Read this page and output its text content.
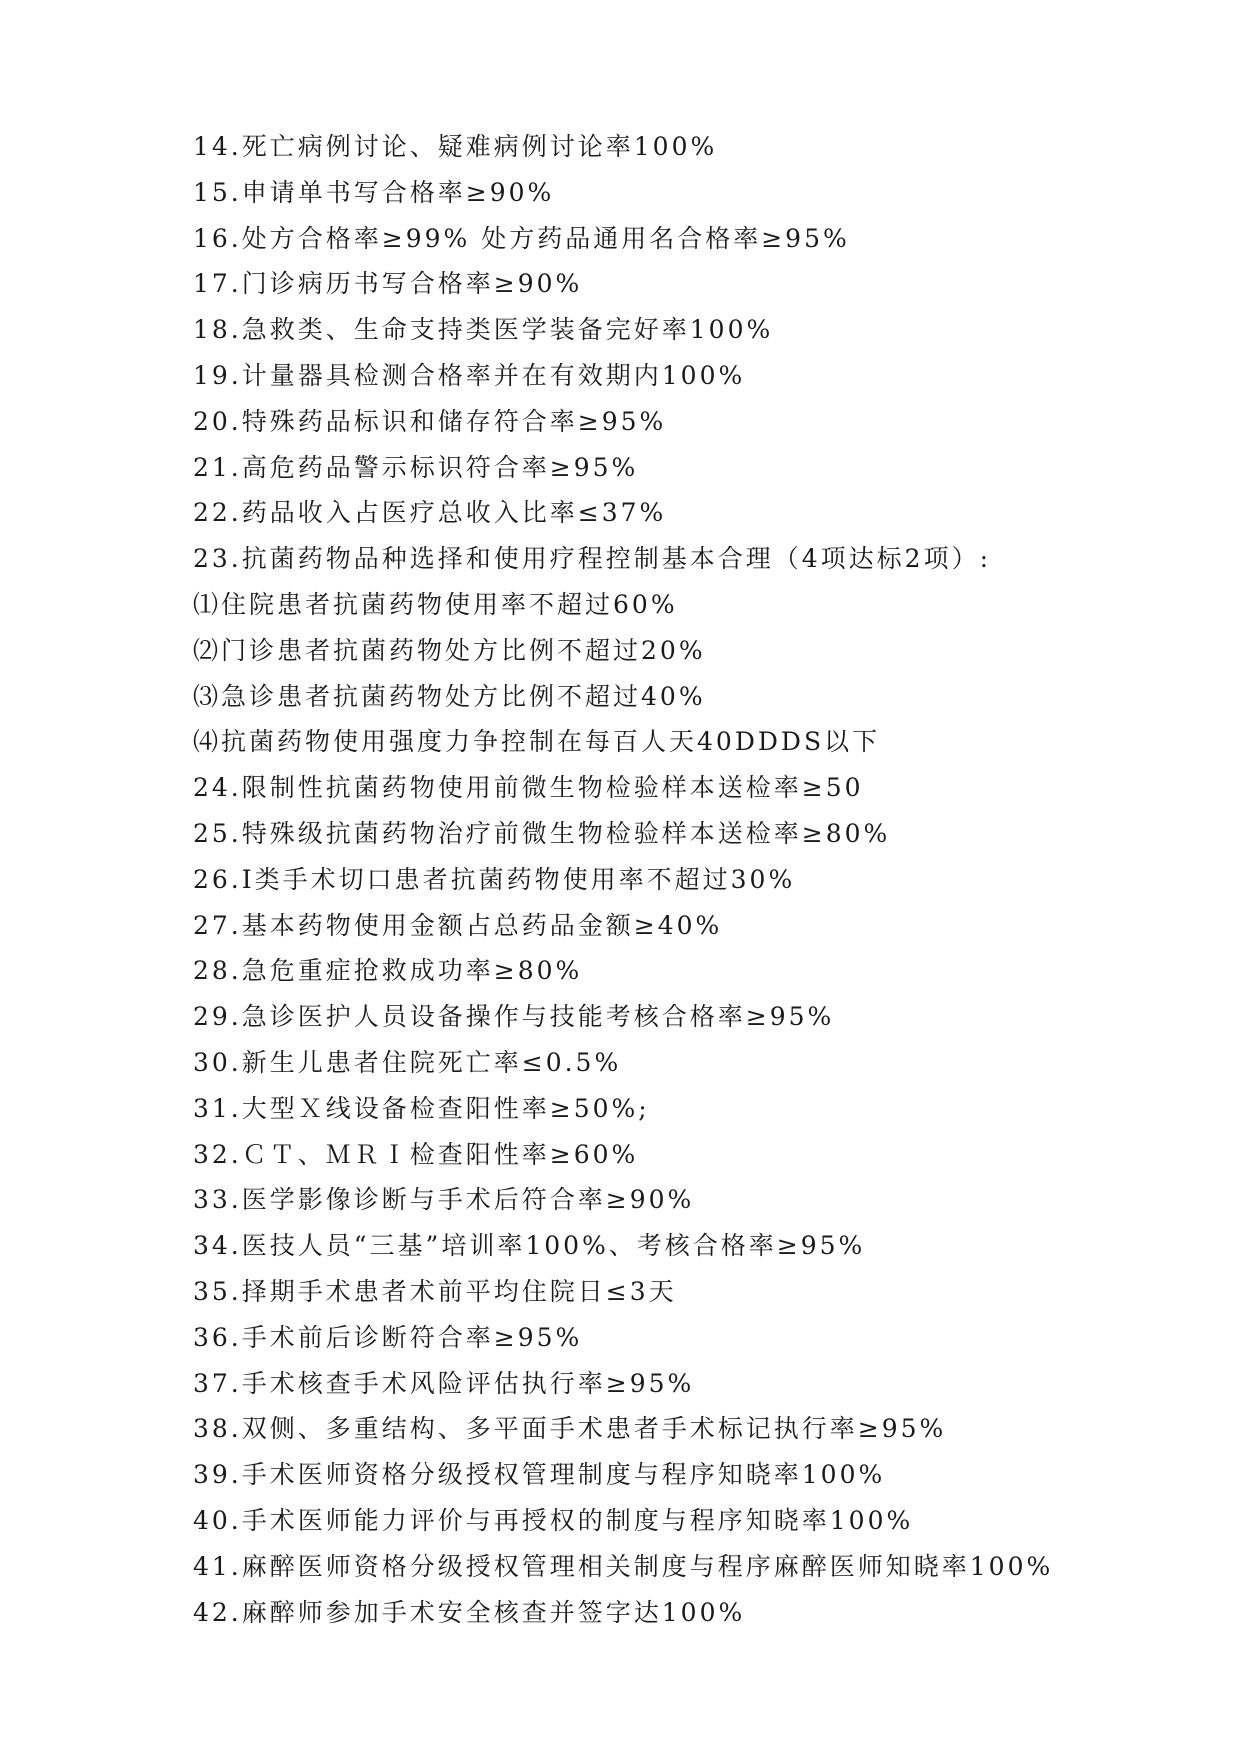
14.死亡病例讨论、疑难病例讨论率100%
15.申请单书写合格率≥90%
16.处方合格率≥99% 处方药品通用名合格率≥95%
17.门诊病历书写合格率≥90%
18.急救类、生命支持类医学装备完好率100%
19.计量器具检测合格率并在有效期内100%
20.特殊药品标识和储存符合率≥95%
21.高危药品警示标识符合率≥95%
22.药品收入占医疗总收入比率≤37%
23.抗菌药物品种选择和使用疗程控制基本合理（4项达标2项）:
⑴住院患者抗菌药物使用率不超过60%
⑵门诊患者抗菌药物处方比例不超过20%
⑶急诊患者抗菌药物处方比例不超过40%
⑷抗菌药物使用强度力争控制在每百人天40DDDS以下
24.限制性抗菌药物使用前微生物检验样本送检率≥50
25.特殊级抗菌药物治疗前微生物检验样本送检率≥80%
26.I类手术切口患者抗菌药物使用率不超过30%
27.基本药物使用金额占总药品金额≥40%
28.急危重症抢救成功率≥80%
29.急诊医护人员设备操作与技能考核合格率≥95%
30.新生儿患者住院死亡率≤0.5%
31.大型Ｘ线设备检查阳性率≥50%;
32.ＣＴ、ＭＲＩ检查阳性率≥60%
33.医学影像诊断与手术后符合率≥90%
34.医技人员“三基”培训率100%、考核合格率≥95%
35.择期手术患者术前平均住院日≤3天
36.手术前后诊断符合率≥95%
37.手术核查手术风险评估执行率≥95%
38.双侧、多重结构、多平面手术患者手术标记执行率≥95%
39.手术医师资格分级授权管理制度与程序知晓率100%
40.手术医师能力评价与再授权的制度与程序知晓率100%
41.麻醉医师资格分级授权管理相关制度与程序麻醉医师知晓率100%
42.麻醉师参加手术安全核查并签字达100%
